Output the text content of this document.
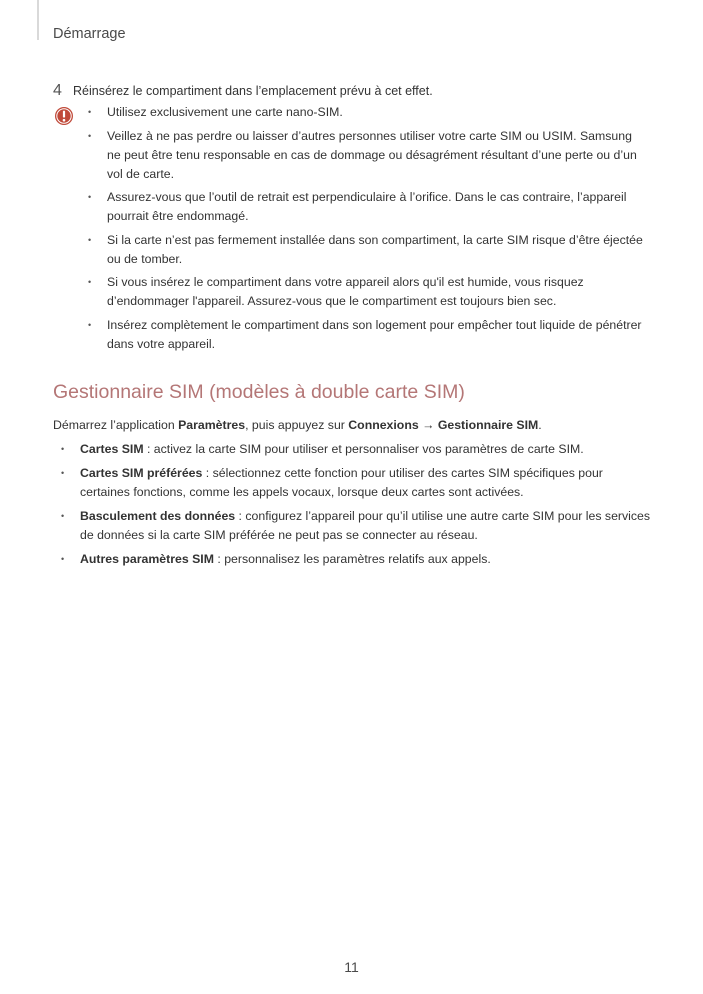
Démarrage
4 Réinsérez le compartiment dans l’emplacement prévu à cet effet.
• Utilisez exclusivement une carte nano-SIM.
• Veillez à ne pas perdre ou laisser d’autres personnes utiliser votre carte SIM ou USIM. Samsung ne peut être tenu responsable en cas de dommage ou désagrément résultant d’une perte ou d’un vol de carte.
• Assurez-vous que l’outil de retrait est perpendiculaire à l’orifice. Dans le cas contraire, l’appareil pourrait être endommagé.
• Si la carte n’est pas fermement installée dans son compartiment, la carte SIM risque d’être éjectée ou de tomber.
• Si vous insérez le compartiment dans votre appareil alors qu'il est humide, vous risquez d’endommager l'appareil. Assurez-vous que le compartiment est toujours bien sec.
• Insérez complètement le compartiment dans son logement pour empêcher tout liquide de pénétrer dans votre appareil.
Gestionnaire SIM (modèles à double carte SIM)
Démarrez l’application Paramètres, puis appuyez sur Connexions → Gestionnaire SIM.
• Cartes SIM : activez la carte SIM pour utiliser et personnaliser vos paramètres de carte SIM.
• Cartes SIM préférées : sélectionnez cette fonction pour utiliser des cartes SIM spécifiques pour certaines fonctions, comme les appels vocaux, lorsque deux cartes sont activées.
• Basculement des données : configurez l’appareil pour qu’il utilise une autre carte SIM pour les services de données si la carte SIM préférée ne peut pas se connecter au réseau.
• Autres paramètres SIM : personnalisez les paramètres relatifs aux appels.
11
